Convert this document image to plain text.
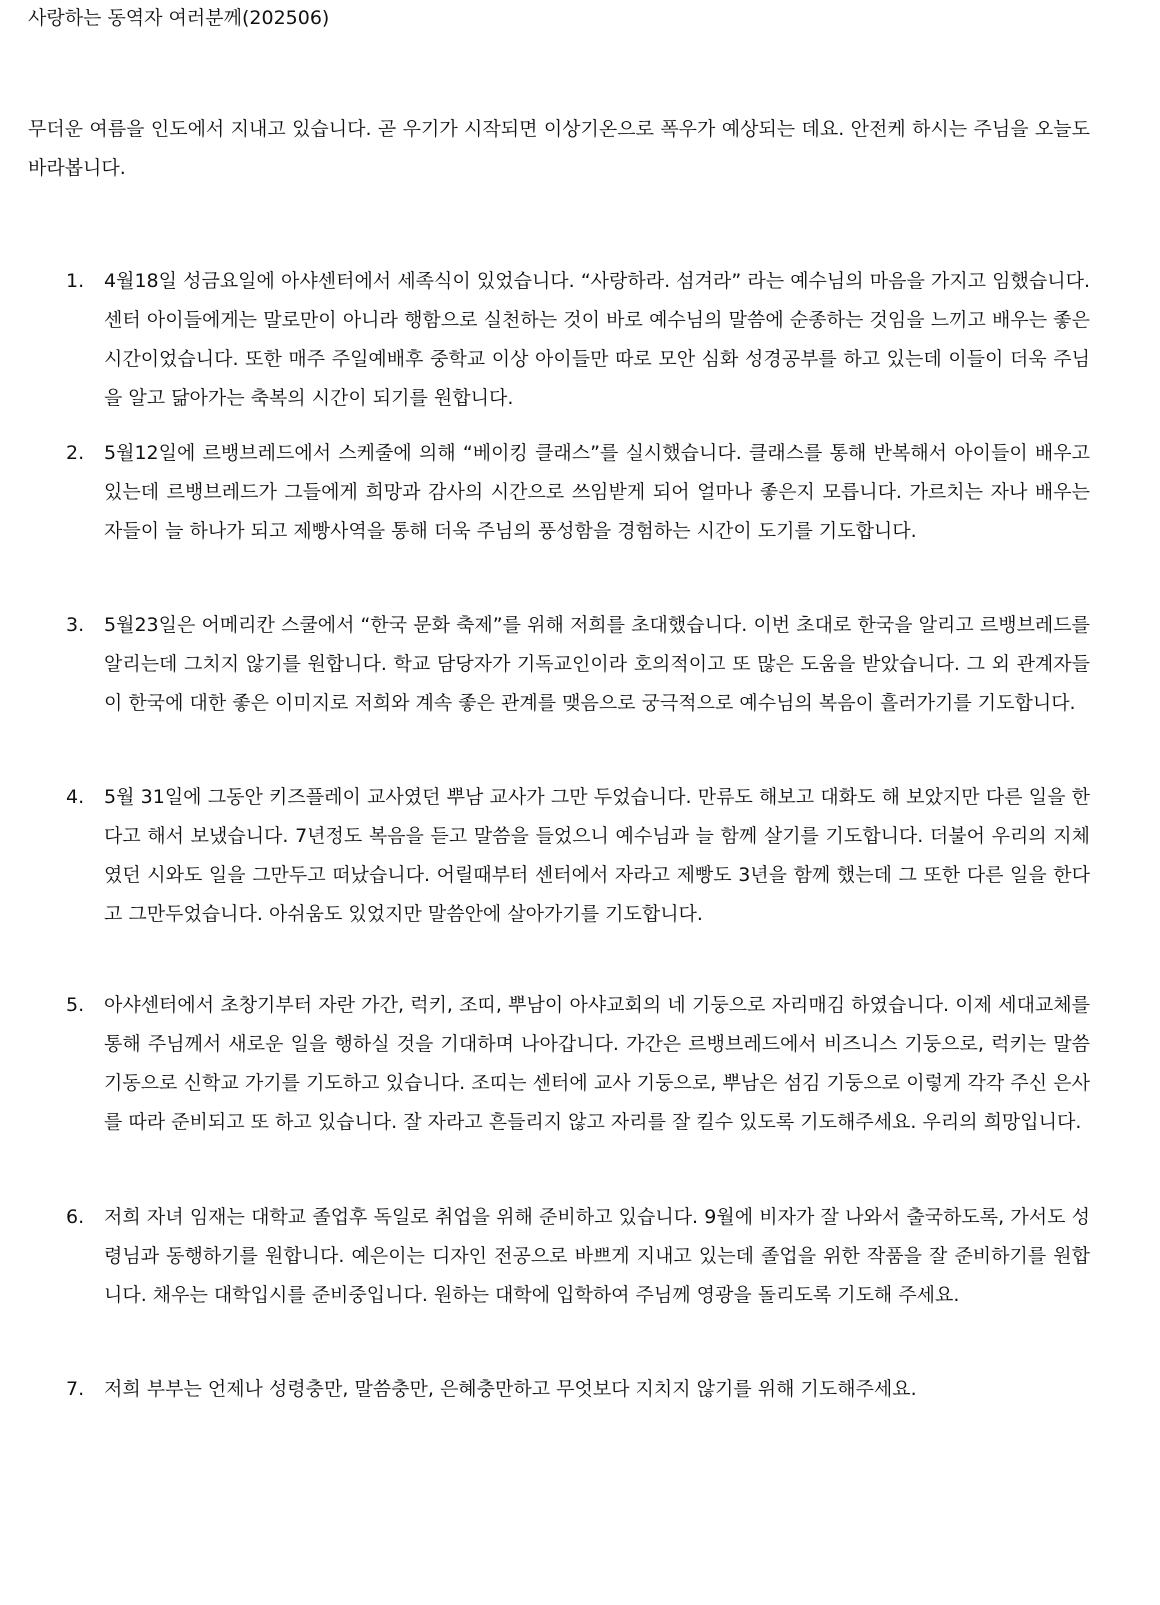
사랑하는 동역자 여러분께(202506)

무더운 여름을 인도에서 지내고 있습니다. 곧 우기가 시작되면 이상기온으로 폭우가 예상되는 데요. 안전케 하시는 주님을 오늘도 바라봅니다.

1. 4월18일 성금요일에 아샤센터에서 세족식이 있었습니다. “사랑하라. 섬겨라” 라는 예수님의 마음을 가지고 임했습니다. 센터 아이들에게는 말로만이 아니라 행함으로 실천하는 것이 바로 예수님의 말씀에 순종하는 것임을 느끼고 배우는 좋은 시간이었습니다. 또한 매주 주일예배후 중학교 이상 아이들만 따로 모안 심화 성경공부를 하고 있는데 이들이 더욱 주님을 알고 닮아가는 축복의 시간이 되기를 원합니다.

2. 5월12일에 르뱅브레드에서 스케줄에 의해 “베이킹 클래스”를 실시했습니다. 클래스를 통해 반복해서 아이들이 배우고 있는데 르뱅브레드가 그들에게 희망과 감사의 시간으로 쓰임받게 되어 얼마나 좋은지 모릅니다. 가르치는 자나 배우는 자들이 늘 하나가 되고 제빵사역을 통해 더욱 주님의 풍성함을 경험하는 시간이 도기를 기도합니다.

3. 5월23일은 어메리칸 스쿨에서 “한국 문화 축제”를 위해 저희를 초대했습니다. 이번 초대로 한국을 알리고 르뱅브레드를 알리는데 그치지 않기를 원합니다. 학교 담당자가 기독교인이라 호의적이고 또 많은 도움을 받았습니다. 그 외 관계자들이 한국에 대한 좋은 이미지로 저희와 계속 좋은 관계를 맺음으로 궁극적으로 예수님의 복음이 흘러가기를 기도합니다.

4. 5월 31일에 그동안 키즈플레이 교사였던 뿌남 교사가 그만 두었습니다. 만류도 해보고 대화도 해 보았지만 다른 일을 한다고 해서 보냈습니다. 7년정도 복음을 듣고 말씀을 들었으니 예수님과 늘 함께 살기를 기도합니다. 더불어 우리의 지체였던 시와도 일을 그만두고 떠났습니다. 어릴때부터 센터에서 자라고 제빵도 3년을 함께 했는데 그 또한 다른 일을 한다고 그만두었습니다. 아쉬움도 있었지만 말씀안에 살아가기를 기도합니다.

5. 아샤센터에서 초창기부터 자란 가간, 럭키, 조띠, 뿌남이 아샤교회의 네 기둥으로 자리매김 하였습니다. 이제 세대교체를 통해 주님께서 새로운 일을 행하실 것을 기대하며 나아갑니다. 가간은 르뱅브레드에서 비즈니스 기둥으로, 럭키는 말씀 기동으로 신학교 가기를 기도하고 있습니다. 조띠는 센터에 교사 기둥으로, 뿌남은 섬김 기둥으로 이렇게 각각 주신 은사를 따라 준비되고 또 하고 있습니다. 잘 자라고 흔들리지 않고 자리를 잘 킬수 있도록 기도해주세요. 우리의 희망입니다.

6. 저희 자녀 임재는 대학교 졸업후 독일로 취업을 위해 준비하고 있습니다. 9월에 비자가 잘 나와서 출국하도록, 가서도 성령님과 동행하기를 원합니다. 예은이는 디자인 전공으로 바쁘게 지내고 있는데 졸업을 위한 작품을 잘 준비하기를 원합니다. 채우는 대학입시를 준비중입니다. 원하는 대학에 입학하여 주님께 영광을 돌리도록 기도해 주세요.

7. 저희 부부는 언제나 성령충만, 말씀충만, 은혜충만하고 무엇보다 지치지 않기를 위해 기도해주세요.
